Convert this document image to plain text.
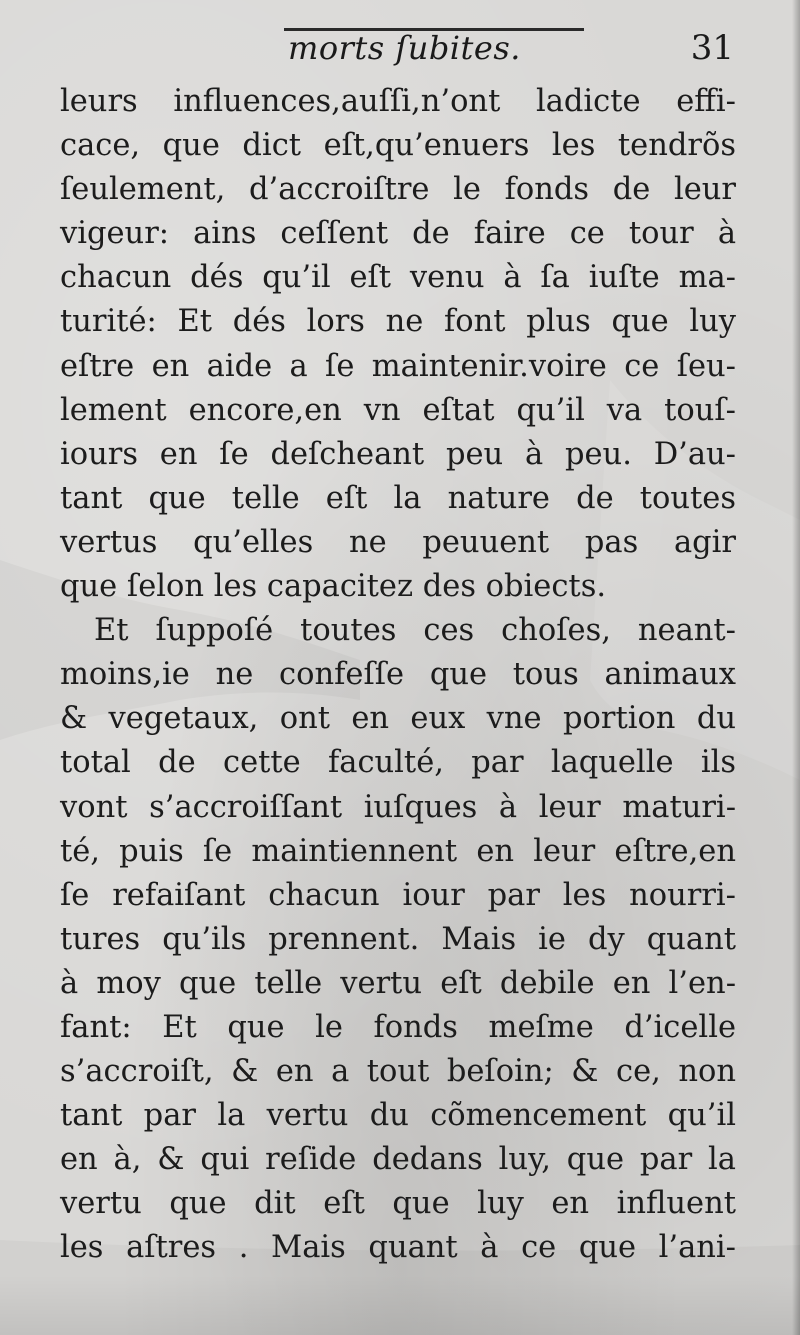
morts ſubites.	31
leurs influences,auſſi,n’ont ladicte effi-
cace, que dict eſt,qu’enuers les tendrõs
ſeulement, d’accroiſtre le fonds de leur
vigeur: ains ceſſent de faire ce tour à
chacun dés qu’il eſt venu à ſa iuſte ma-
turité: Et dés lors ne font plus que luy
eſtre en aide a ſe maintenir.voire ce ſeu-
lement encore,en vn eſtat qu’il va touſ-
iours en ſe deſcheant peu à peu. D’au-
tant que telle eſt la nature de toutes
vertus qu’elles ne peuuent pas agir
que ſelon les capacitez des obiects.
Et ſuppoſé toutes ces choſes, neant-
moins,ie ne confeſſe que tous animaux
& vegetaux, ont en eux vne portion du
total de cette faculté, par laquelle ils
vont s’accroiſſant iuſques à leur maturi-
té, puis ſe maintiennent en leur eſtre,en
ſe refaiſant chacun iour par les nourri-
tures qu’ils prennent. Mais ie dy quant
à moy que telle vertu eſt debile en l’en-
fant: Et que le fonds meſme d’icelle
s’accroiſt, & en a tout beſoin; & ce, non
tant par la vertu du cõmencement qu’il
en à, & qui reſide dedans luy, que par la
vertu que dit eſt que luy en influent
les aſtres . Mais quant à ce que l’ani-
